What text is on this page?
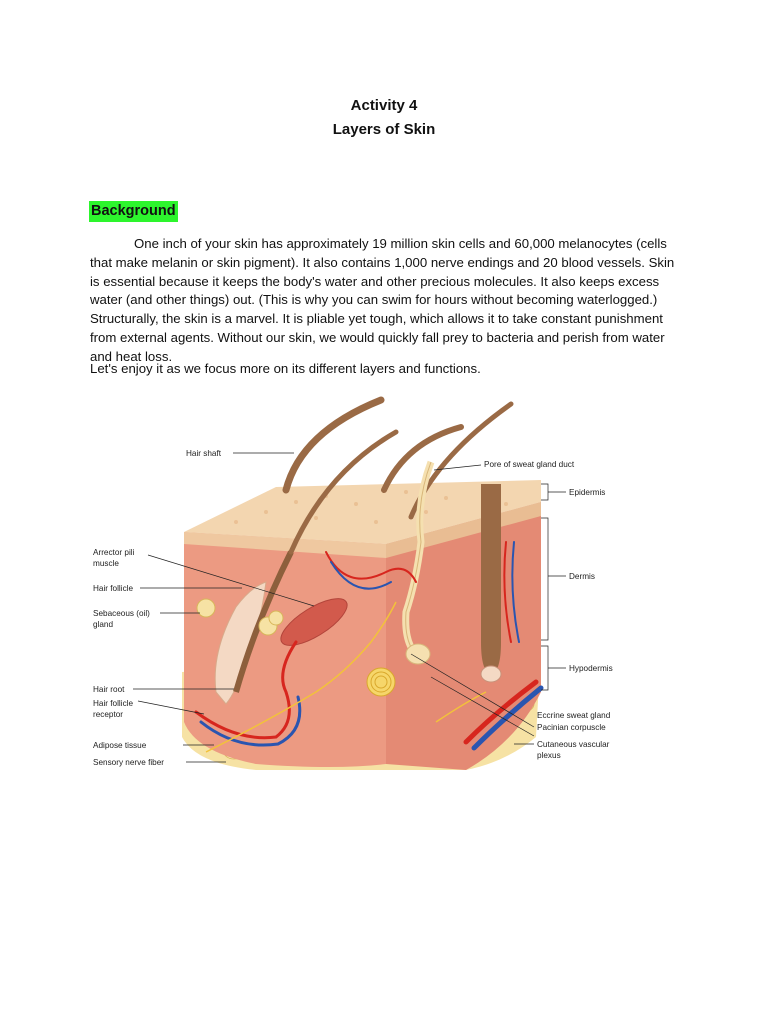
Activity 4
Layers of Skin
Background
One inch of your skin has approximately 19 million skin cells and 60,000 melanocytes (cells that make melanin or skin pigment). It also contains 1,000 nerve endings and 20 blood vessels. Skin is essential because it keeps the body's water and other precious molecules. It also keeps excess water (and other things) out. (This is why you can swim for hours without becoming waterlogged.) Structurally, the skin is a marvel. It is pliable yet tough, which allows it to take constant punishment from external agents. Without our skin, we would quickly fall prey to bacteria and perish from water and heat loss.
Let's enjoy it as we focus more on its different layers and functions.
Hair shaft
Arrector pili
muscle
Hair follicle
Sebaceous (oil)
gland
Hair root
Hair follicle
receptor
Adipose tissue
Sensory nerve fiber
Pore of sweat gland duct
Epidermis
Dermis
Hypodermis
Eccrine sweat gland
Pacinian corpuscle
Cutaneous vascular
plexus
